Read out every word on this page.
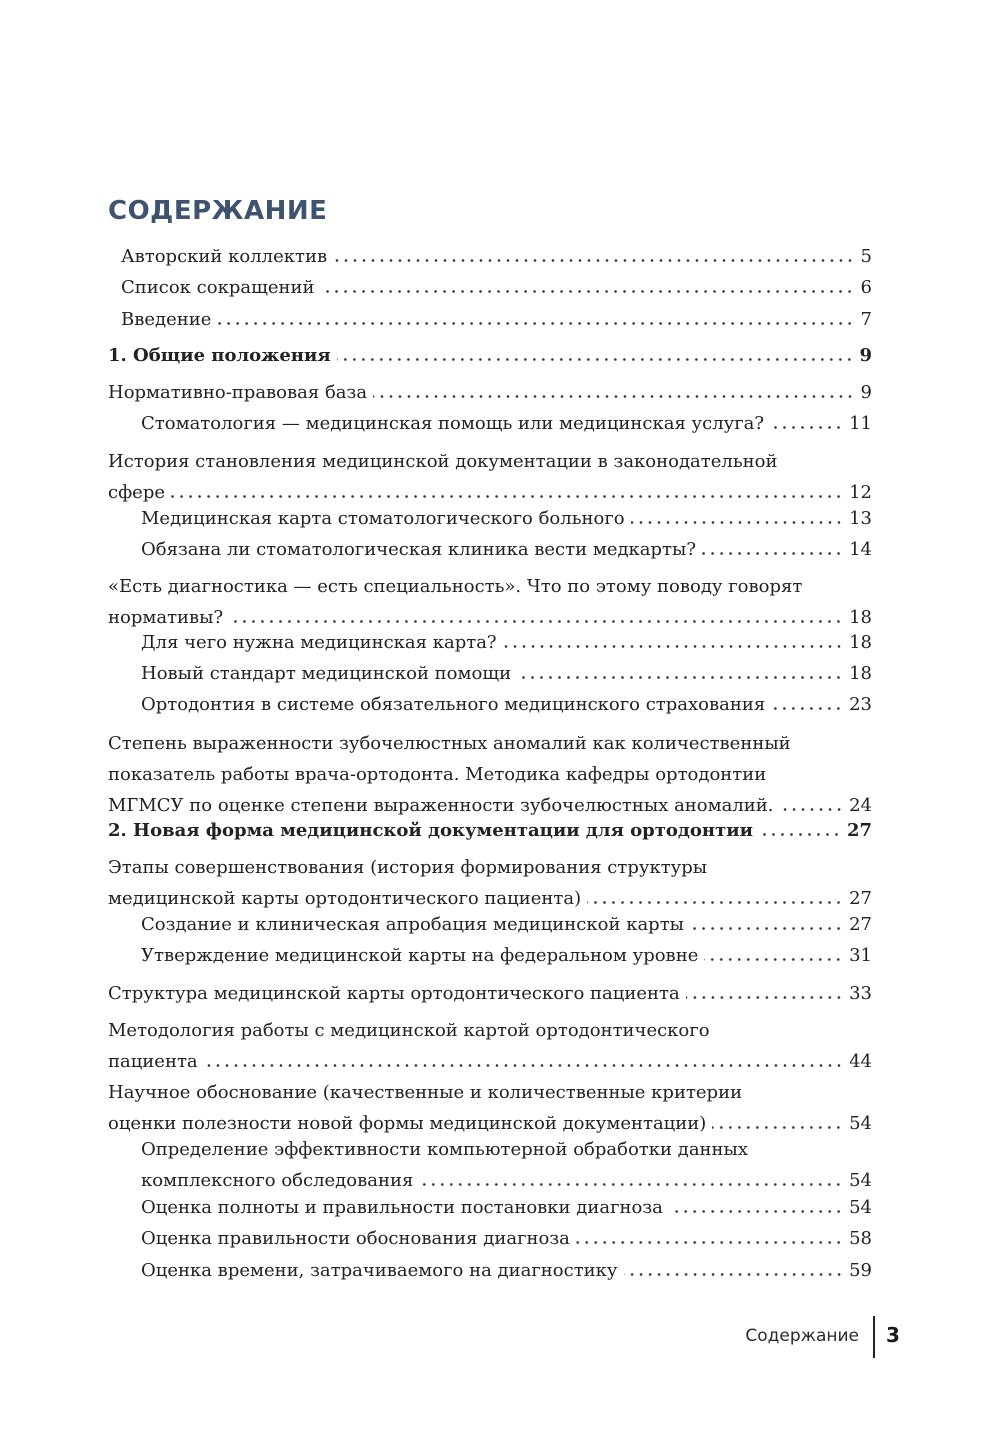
СОДЕРЖАНИЕ
Авторский коллектив	5
Список сокращений	6
Введение	7
1. Общие положения	9
Нормативно-правовая база	9
Стоматология — медицинская помощь или медицинская услуга?	11
История становления медицинской документации в законодательной
сфере	12
Медицинская карта стоматологического больного	13
Обязана ли стоматологическая клиника вести медкарты?	14
«Есть диагностика — есть специальность». Что по этому поводу говорят
нормативы?	18
Для чего нужна медицинская карта?	18
Новый стандарт медицинской помощи	18
Ортодонтия в системе обязательного медицинского страхования	23
Степень выраженности зубочелюстных аномалий как количественный
показатель работы врача-ортодонта. Методика кафедры ортодонтии
МГМСУ по оценке степени выраженности зубочелюстных аномалий.	24
2. Новая форма медицинской документации для ортодонтии	27
Этапы совершенствования (история формирования структуры
медицинской карты ортодонтического пациента)	27
Создание и клиническая апробация медицинской карты	27
Утверждение медицинской карты на федеральном уровне	31
Структура медицинской карты ортодонтического пациента	33
Методология работы с медицинской картой ортодонтического
пациента	44
Научное обоснование (качественные и количественные критерии
оценки полезности новой формы медицинской документации)	54
Определение эффективности компьютерной обработки данных
комплексного обследования	54
Оценка полноты и правильности постановки диагноза	54
Оценка правильности обоснования диагноза	58
Оценка времени, затрачиваемого на диагностику	59
Содержание 3
